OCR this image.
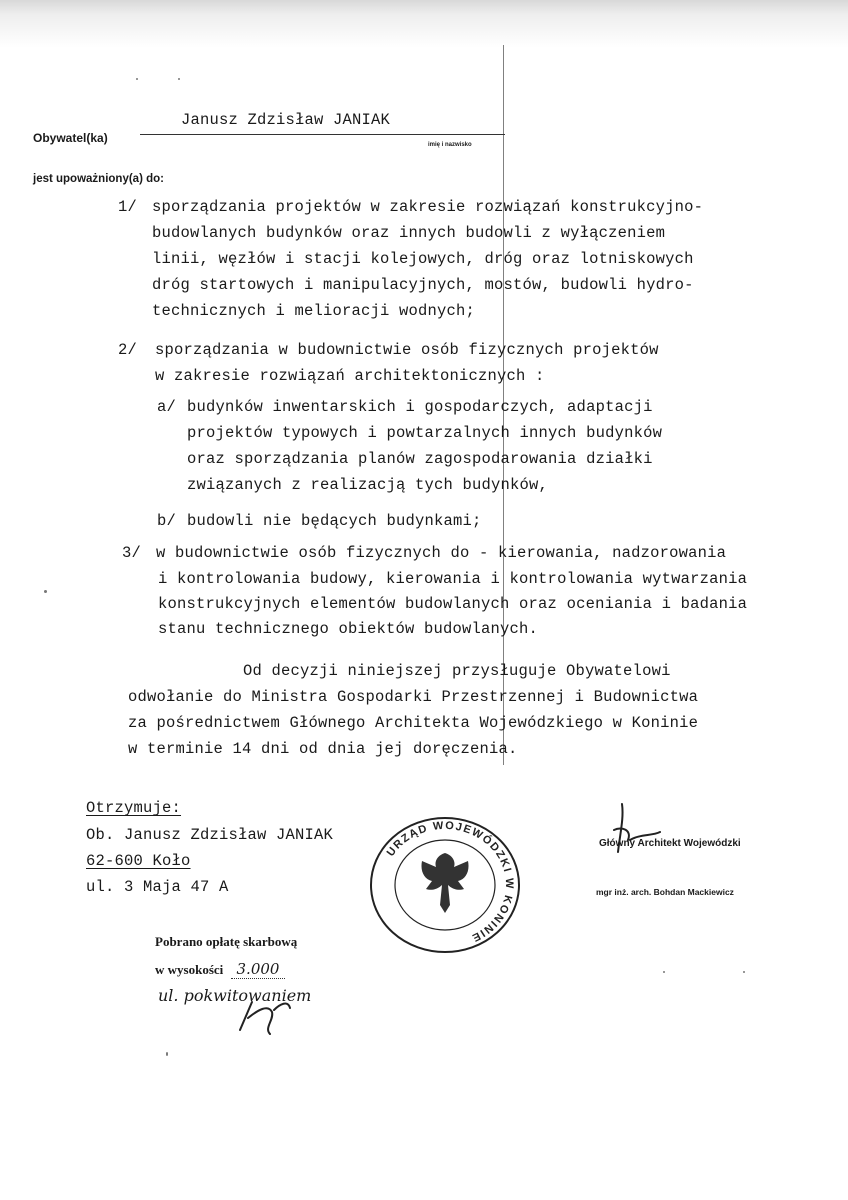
Obywatel(ka)
Janusz Zdzisław JANIAK
imię i nazwisko
jest upoważniony(a) do:
1/ sporządzania projektów w zakresie rozwiązań konstrukcyjno-
budowlanych budynków oraz innych budowli z wyłączeniem
linii, węzłów i stacji kolejowych, dróg oraz lotniskowych
dróg startowych i manipulacyjnych, mostów, budowli hydro-
technicznych i melioracji wodnych;
2/ sporządzania w budownictwie osób fizycznych projektów
w zakresie rozwiązań architektonicznych :
a/ budynków inwentarskich i gospodarczych, adaptacji
projektów typowych i powtarzalnych innych budynków
oraz sporządzania planów zagospodarowania działki
związanych z realizacją tych budynków,
b/ budowli nie będących budynkami;
3/ w budownictwie osób fizycznych do - kierowania, nadzorowania
i kontrolowania budowy, kierowania i kontrolowania wytwarzania
konstrukcyjnych elementów budowlanych oraz oceniania i badania
stanu technicznego obiektów budowlanych.
Od decyzji niniejszej przysługuje Obywatelowi
odwołanie do Ministra Gospodarki Przestrzennej i Budownictwa
za pośrednictwem Głównego Architekta Wojewódzkiego w Koninie
w terminie 14 dni od dnia jej doręczenia.
Otrzymuje:
Ob. Janusz Zdzisław JANIAK
62-600 Koło
ul. 3 Maja 47 A
Pobrano opłatę skarbową
w wysokości 3.000
ul. pokwitowaniem
URZĄD WOJEWÓDZKI W KONINIE
Główny Architekt Wojewódzki
mgr inż. arch. Bohdan Mackiewicz
